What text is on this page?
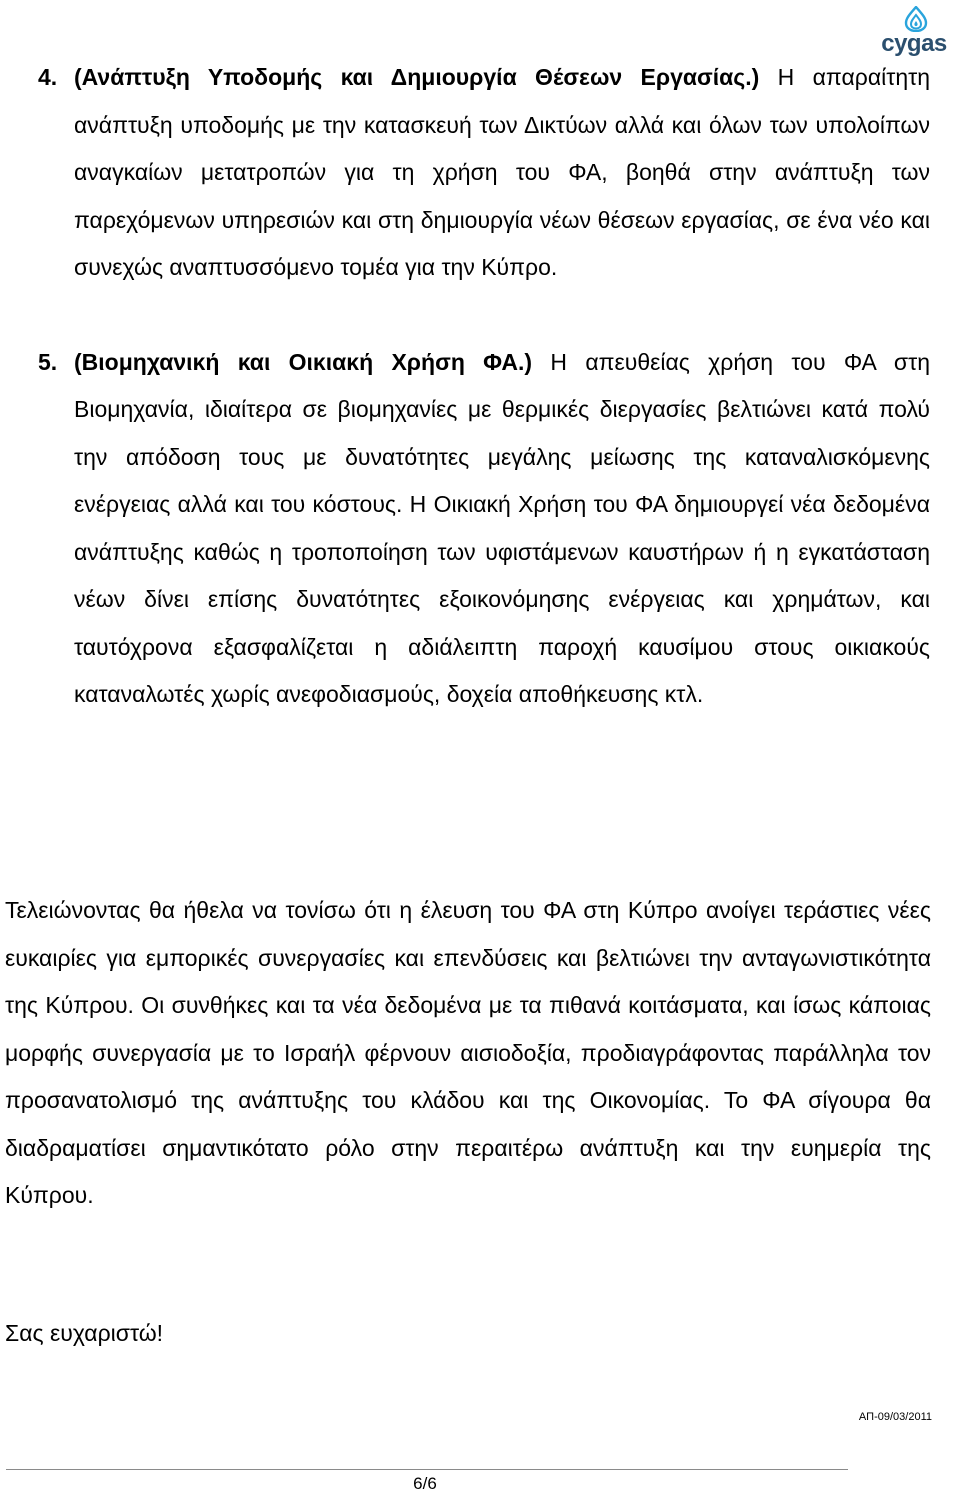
cygas
4. (Ανάπτυξη Υποδομής και Δημιουργία Θέσεων Εργασίας.) Η απαραίτητη ανάπτυξη υποδομής με την κατασκευή των Δικτύων αλλά και όλων των υπολοίπων αναγκαίων μετατροπών για τη χρήση του ΦΑ, βοηθά στην ανάπτυξη των παρεχόμενων υπηρεσιών και στη δημιουργία νέων θέσεων εργασίας, σε ένα νέο και συνεχώς αναπτυσσόμενο τομέα για την Κύπρο.
5. (Βιομηχανική και Οικιακή Χρήση ΦΑ.) Η απευθείας χρήση του ΦΑ στη Βιομηχανία, ιδιαίτερα σε βιομηχανίες με θερμικές διεργασίες βελτιώνει κατά πολύ την απόδοση τους με δυνατότητες μεγάλης μείωσης της καταναλισκόμενης ενέργειας αλλά και του κόστους. Η Οικιακή Χρήση του ΦΑ δημιουργεί νέα δεδομένα ανάπτυξης καθώς η τροποποίηση των υφιστάμενων καυστήρων ή η εγκατάσταση νέων δίνει επίσης δυνατότητες εξοικονόμησης ενέργειας και χρημάτων, και ταυτόχρονα εξασφαλίζεται η αδιάλειπτη παροχή καυσίμου στους οικιακούς καταναλωτές χωρίς ανεφοδιασμούς, δοχεία αποθήκευσης κτλ.

Τελειώνοντας θα ήθελα να τονίσω ότι η έλευση του ΦΑ στη Κύπρο ανοίγει τεράστιες νέες ευκαιρίες για εμπορικές συνεργασίες και επενδύσεις και βελτιώνει την ανταγωνιστικότητα της Κύπρου. Οι συνθήκες και τα νέα δεδομένα με τα πιθανά κοιτάσματα, και ίσως κάποιας μορφής συνεργασία με το Ισραήλ φέρνουν αισιοδοξία, προδιαγράφοντας παράλληλα τον προσανατολισμό της ανάπτυξης του κλάδου και της Οικονομίας. Το ΦΑ σίγουρα θα διαδραματίσει σημαντικότατο ρόλο στην περαιτέρω ανάπτυξη και την ευημερία της Κύπρου.

Σας ευχαριστώ!

ΑΠ-09/03/2011
6/6
